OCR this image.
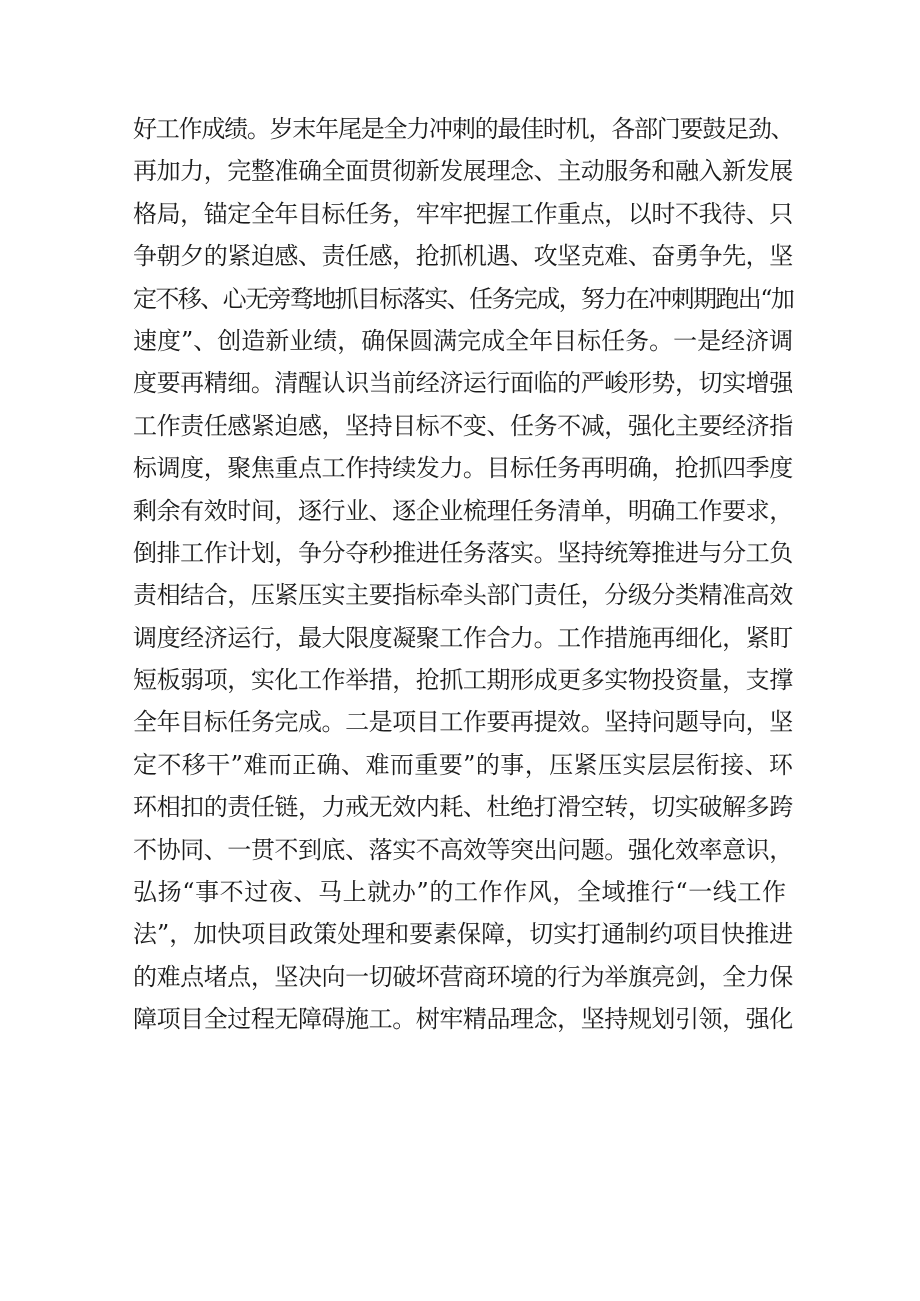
好工作成绩。岁末年尾是全力冲刺的最佳时机，各部门要鼓足劲、
再加力，完整准确全面贯彻新发展理念、主动服务和融入新发展
格局，锚定全年目标任务，牢牢把握工作重点，以时不我待、只
争朝夕的紧迫感、责任感，抢抓机遇、攻坚克难、奋勇争先，坚
定不移、心无旁骛地抓目标落实、任务完成，努力在冲刺期跑出“加
速度”、创造新业绩，确保圆满完成全年目标任务。一是经济调
度要再精细。清醒认识当前经济运行面临的严峻形势，切实增强
工作责任感紧迫感，坚持目标不变、任务不减，强化主要经济指
标调度，聚焦重点工作持续发力。目标任务再明确，抢抓四季度
剩余有效时间，逐行业、逐企业梳理任务清单，明确工作要求，
倒排工作计划，争分夺秒推进任务落实。坚持统筹推进与分工负
责相结合，压紧压实主要指标牵头部门责任，分级分类精准高效
调度经济运行，最大限度凝聚工作合力。工作措施再细化，紧盯
短板弱项，实化工作举措，抢抓工期形成更多实物投资量，支撑
全年目标任务完成。二是项目工作要再提效。坚持问题导向，坚
定不移干”难而正确、难而重要”的事，压紧压实层层衔接、环
环相扣的责任链，力戒无效内耗、杜绝打滑空转，切实破解多跨
不协同、一贯不到底、落实不高效等突出问题。强化效率意识，
弘扬“事不过夜、马上就办”的工作作风，全域推行“一线工作
法”，加快项目政策处理和要素保障，切实打通制约项目快推进
的难点堵点，坚决向一切破坏营商环境的行为举旗亮剑，全力保
障项目全过程无障碍施工。树牢精品理念，坚持规划引领，强化
